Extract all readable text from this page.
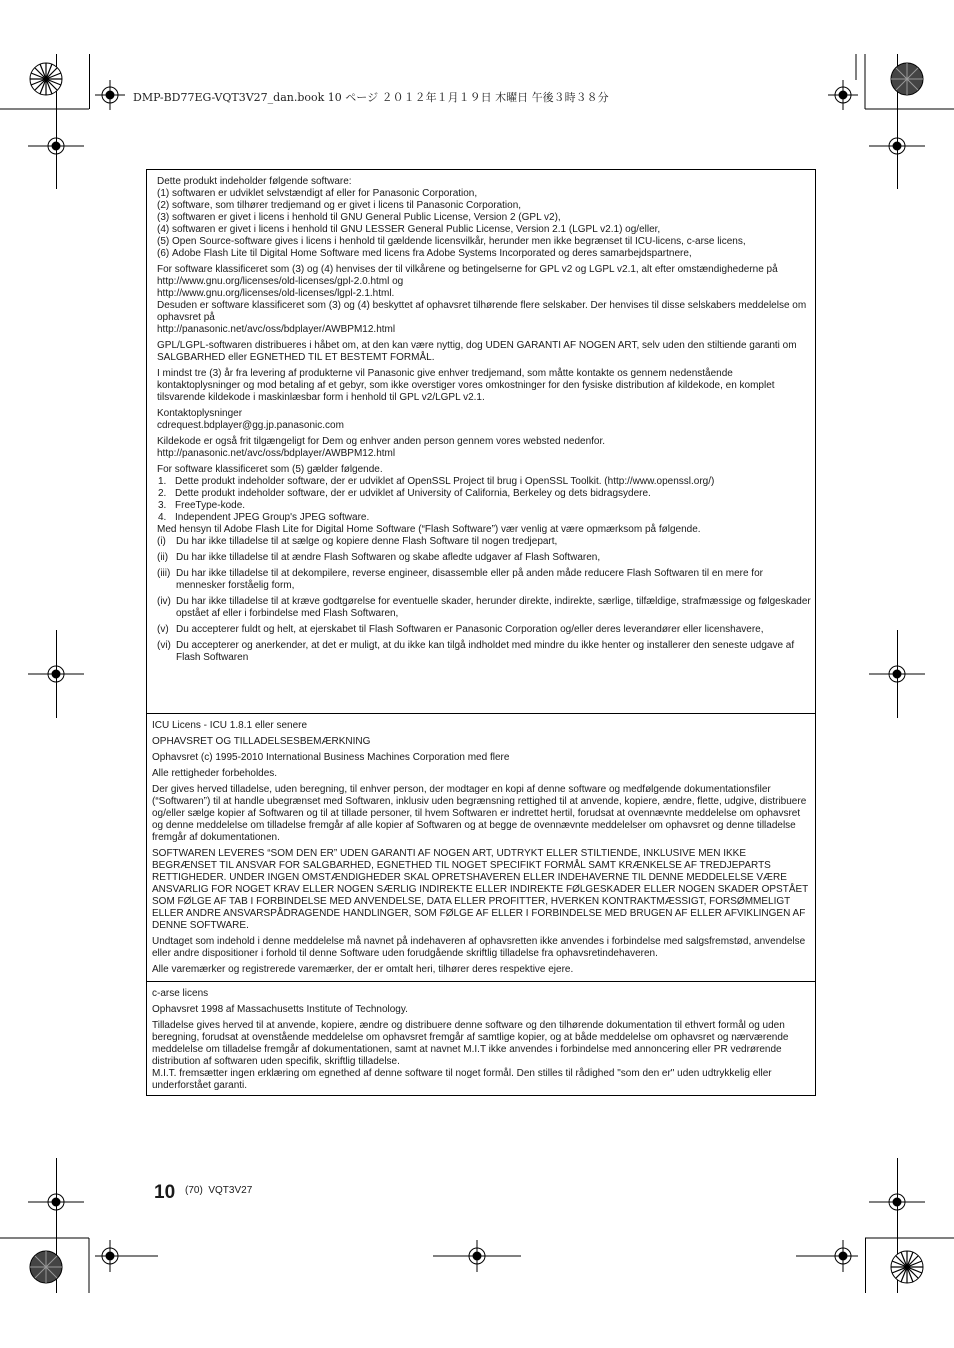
DMP-BD77EG-VQT3V27_dan.book 10 ページ ２０１２年１月１９日 木曜日 午後３時３８分

Dette produkt indeholder følgende software:

(1) softwaren er udviklet selvstændigt af eller for Panasonic Corporation,
(2) software, som tilhører tredjemand og er givet i licens til Panasonic Corporation,
(3) softwaren er givet i licens i henhold til GNU General Public License, Version 2 (GPL v2),
(4) softwaren er givet i licens i henhold til GNU LESSER General Public License, Version 2.1 (LGPL v2.1) og/eller,
(5) Open Source-software gives i licens i henhold til gældende licensvilkår, herunder men ikke begrænset til ICU-licens, c-arse licens,
(6) Adobe Flash Lite til Digital Home Software med licens fra Adobe Systems Incorporated og deres samarbejdspartnere,

For software klassificeret som (3) og (4) henvises der til vilkårene og betingelserne for GPL v2 og LGPL v2.1, alt efter omstændighederne på

http://www.gnu.org/licenses/old-licenses/gpl-2.0.html og

http://www.gnu.org/licenses/old-licenses/lgpl-2.1.html.

Desuden er software klassificeret som (3) og (4) beskyttet af ophavsret tilhørende flere selskaber. Der henvises til disse selskabers meddelelse om ophavsret på

http://panasonic.net/avc/oss/bdplayer/AWBPM12.html

GPL/LGPL-softwaren distribueres i håbet om, at den kan være nyttig, dog UDEN GARANTI AF NOGEN ART, selv uden den stiltiende garanti om SALGBARHED eller EGNETHED TIL ET BESTEMT FORMÅL.

I mindst tre (3) år fra levering af produkterne vil Panasonic give enhver tredjemand, som måtte kontakte os gennem nedenstående kontaktoplysninger og mod betaling af et gebyr, som ikke overstiger vores omkostninger for den fysiske distribution af kildekode, en komplet tilsvarende kildekode i maskinlæsbar form i henhold til GPL v2/LGPL v2.1.

Kontaktoplysninger

cdrequest.bdplayer@gg.jp.panasonic.com

Kildekode er også frit tilgængeligt for Dem og enhver anden person gennem vores websted nedenfor.

http://panasonic.net/avc/oss/bdplayer/AWBPM12.html

For software klassificeret som (5) gælder følgende.

1. Dette produkt indeholder software, der er udviklet af OpenSSL Project til brug i OpenSSL Toolkit. (http://www.openssl.org/)
2. Dette produkt indeholder software, der er udviklet af University of California, Berkeley og dets bidragsydere.
3. FreeType-kode.
4. Independent JPEG Group's JPEG software.

Med hensyn til Adobe Flash Lite for Digital Home Software (“Flash Software”) vær venlig at være opmærksom på følgende.

(i)	Du har ikke tilladelse til at sælge og kopiere denne Flash Software til nogen tredjepart,
(ii) Du har ikke tilladelse til at ændre Flash Softwaren og skabe afledte udgaver af Flash Softwaren,
(iii) Du har ikke tilladelse til at dekompilere, reverse engineer, disassemble eller på anden måde reducere Flash Softwaren til en mere for mennesker forståelig form,
(iv) Du har ikke tilladelse til at kræve godtgørelse for eventuelle skader, herunder direkte, indirekte, særlige, tilfældige, strafmæssige og følgeskader opstået af eller i forbindelse med Flash Softwaren,
(v) Du accepterer fuldt og helt, at ejerskabet til Flash Softwaren er Panasonic Corporation og/eller deres leverandører eller licenshavere,
(vi) Du accepterer og anerkender, at det er muligt, at du ikke kan tilgå indholdet med mindre du ikke henter og installerer den seneste udgave af Flash Softwaren

ICU Licens - ICU 1.8.1 eller senere

OPHAVSRET OG TILLADELSESBEMÆRKNING

Ophavsret (c) 1995-2010 International Business Machines Corporation med flere

Alle rettigheder forbeholdes.

Der gives herved tilladelse, uden beregning, til enhver person, der modtager en kopi af denne software og medfølgende dokumentationsfiler (“Softwaren”) til at handle ubegrænset med Softwaren, inklusiv uden begrænsning rettighed til at anvende, kopiere, ændre, flette, udgive, distribuere og/eller sælge kopier af Softwaren og til at tillade personer, til hvem Softwaren er indrettet hertil, forudsat at ovennævnte meddelelse om ophavsret og denne meddelelse om tilladelse fremgår af alle kopier af Softwaren og at begge de ovennævnte meddelelser om ophavsret og denne tilladelse fremgår af dokumentationen.

SOFTWAREN LEVERES “SOM DEN ER” UDEN GARANTI AF NOGEN ART, UDTRYKT ELLER STILTIENDE, INKLUSIVE MEN IKKE BEGRÆNSET TIL ANSVAR FOR SALGBARHED, EGNETHED TIL NOGET SPECIFIKT FORMÅL SAMT KRÆNKELSE AF TREDJEPARTS RETTIGHEDER. UNDER INGEN OMSTÆNDIGHEDER SKAL OPRETSHAVEREN ELLER INDEHAVERNE TIL DENNE MEDDELELSE VÆRE ANSVARLIG FOR NOGET KRAV ELLER NOGEN SÆRLIG INDIREKTE ELLER INDIREKTE FØLGESKADER ELLER NOGEN SKADER OPSTÅET SOM FØLGE AF TAB I FORBINDELSE MED ANVENDELSE, DATA ELLER PROFITTER, HVERKEN KONTRAKTMÆSSIGT, FORSØMMELIGT ELLER ANDRE ANSVARSPÅDRAGENDE HANDLINGER, SOM FØLGE AF ELLER I FORBINDELSE MED BRUGEN AF ELLER AFVIKLINGEN AF DENNE SOFTWARE.

Undtaget som indehold i denne meddelelse må navnet på indehaveren af ophavsretten ikke anvendes i forbindelse med salgsfremstød, anvendelse eller andre dispositioner i forhold til denne Software uden forudgående skriftlig tilladelse fra ophavsretindehaveren.

Alle varemærker og registrerede varemærker, der er omtalt heri, tilhører deres respektive ejere.

c-arse licens

Ophavsret 1998 af Massachusetts Institute of Technology.

Tilladelse gives herved til at anvende, kopiere, ændre og distribuere denne software og den tilhørende dokumentation til ethvert formål og uden beregning, forudsat at ovenstående meddelelse om ophavsret fremgår af samtlige kopier, og at både meddelelse om ophavsret og nærværende meddelelse om tilladelse fremgår af dokumentationen, samt at navnet M.I.T ikke anvendes i forbindelse med annoncering eller PR vedrørende distribution af softwaren uden specifik, skriftlig tilladelse.

M.I.T. fremsætter ingen erklæring om egnethed af denne software til noget formål. Den stilles til rådighed "som den er" uden udtrykkelig eller underforstået garanti.

10 (70) VQT3V27
